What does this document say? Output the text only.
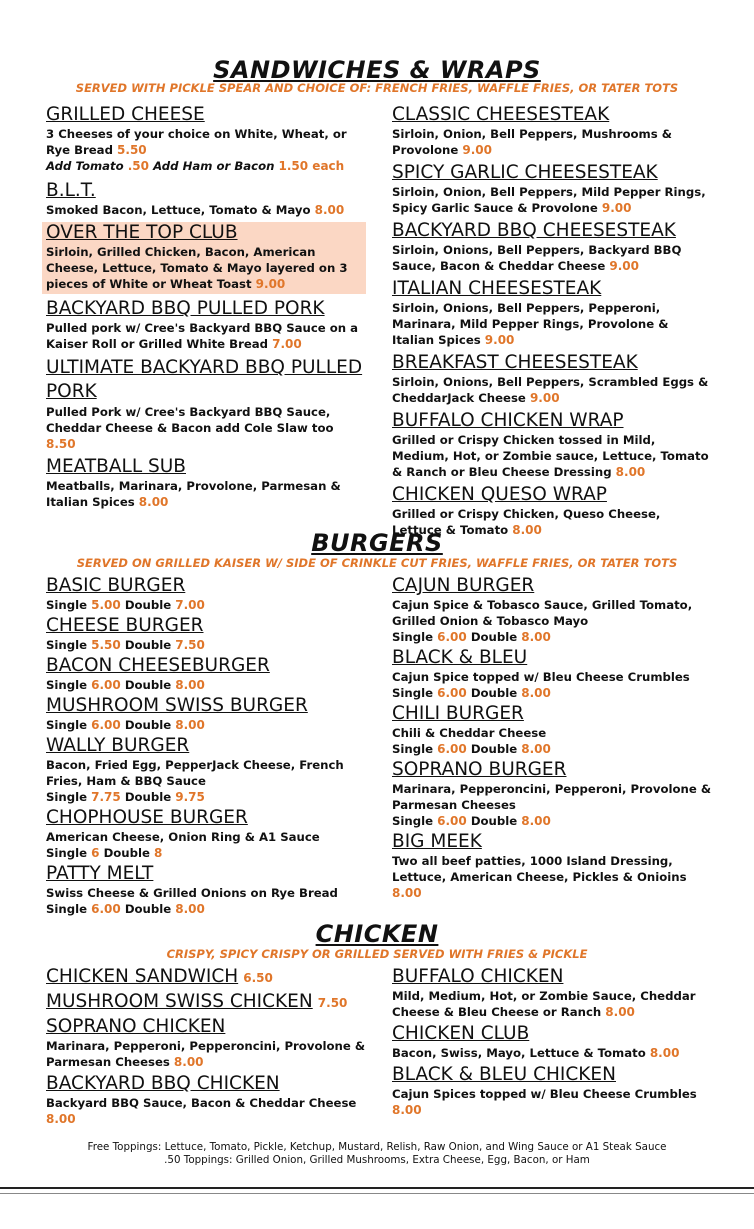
SANDWICHES & WRAPS

SERVED WITH PICKLE SPEAR AND CHOICE OF: FRENCH FRIES, WAFFLE FRIES, OR TATER TOTS

GRILLED CHEESE
3 Cheeses of your choice on White, Wheat, or Rye Bread 5.50
Add Tomato .50 Add Ham or Bacon 1.50 each
B.L.T.
Smoked Bacon, Lettuce, Tomato & Mayo 8.00
OVER THE TOP CLUB
Sirloin, Grilled Chicken, Bacon, American Cheese, Lettuce, Tomato & Mayo layered on 3 pieces of White or Wheat Toast 9.00
BACKYARD BBQ PULLED PORK
Pulled pork w/ Cree's Backyard BBQ Sauce on a Kaiser Roll or Grilled White Bread 7.00
ULTIMATE BACKYARD BBQ PULLED PORK
Pulled Pork w/ Cree's Backyard BBQ Sauce, Cheddar Cheese & Bacon add Cole Slaw too 8.50
MEATBALL SUB
Meatballs, Marinara, Provolone, Parmesan & Italian Spices 8.00
CLASSIC CHEESESTEAK
Sirloin, Onion, Bell Peppers, Mushrooms & Provolone 9.00
SPICY GARLIC CHEESESTEAK
Sirloin, Onion, Bell Peppers, Mild Pepper Rings, Spicy Garlic Sauce & Provolone 9.00
BACKYARD BBQ CHEESESTEAK
Sirloin, Onions, Bell Peppers, Backyard BBQ Sauce, Bacon & Cheddar Cheese 9.00
ITALIAN CHEESESTEAK
Sirloin, Onions, Bell Peppers, Pepperoni, Marinara, Mild Pepper Rings, Provolone & Italian Spices 9.00
BREAKFAST CHEESESTEAK
Sirloin, Onions, Bell Peppers, Scrambled Eggs & CheddarJack Cheese 9.00
BUFFALO CHICKEN WRAP
Grilled or Crispy Chicken tossed in Mild, Medium, Hot, or Zombie sauce, Lettuce, Tomato & Ranch or Bleu Cheese Dressing 8.00
CHICKEN QUESO WRAP
Grilled or Crispy Chicken, Queso Cheese, Lettuce & Tomato 8.00
BURGERS

SERVED ON GRILLED KAISER W/ SIDE OF CRINKLE CUT FRIES, WAFFLE FRIES, OR TATER TOTS

BASIC BURGER
Single 5.00 Double 7.00
CHEESE BURGER
Single 5.50 Double 7.50
BACON CHEESEBURGER
Single 6.00 Double 8.00
MUSHROOM SWISS BURGER
Single 6.00 Double 8.00
WALLY BURGER
Bacon, Fried Egg, PepperJack Cheese, French Fries, Ham & BBQ Sauce
Single 7.75 Double 9.75
CHOPHOUSE BURGER
American Cheese, Onion Ring & A1 Sauce
Single 6 Double 8
PATTY MELT
Swiss Cheese & Grilled Onions on Rye Bread
Single 6.00 Double 8.00
CAJUN BURGER
Cajun Spice & Tobasco Sauce, Grilled Tomato, Grilled Onion & Tobasco Mayo
Single 6.00 Double 8.00
BLACK & BLEU
Cajun Spice topped w/ Bleu Cheese Crumbles
Single 6.00 Double 8.00
CHILI BURGER
Chili & Cheddar Cheese
Single 6.00 Double 8.00
SOPRANO BURGER
Marinara, Pepperoncini, Pepperoni, Provolone & Parmesan Cheeses
Single 6.00 Double 8.00
BIG MEEK
Two all beef patties, 1000 Island Dressing, Lettuce, American Cheese, Pickles & Onioins 8.00
CHICKEN

CRISPY, SPICY CRISPY OR GRILLED SERVED WITH FRIES & PICKLE

CHICKEN SANDWICH 6.50
MUSHROOM SWISS CHICKEN 7.50
SOPRANO CHICKEN
Marinara, Pepperoni, Pepperoncini, Provolone & Parmesan Cheeses 8.00
BACKYARD BBQ CHICKEN
Backyard BBQ Sauce, Bacon & Cheddar Cheese
8.00
BUFFALO CHICKEN
Mild, Medium, Hot, or Zombie Sauce, Cheddar Cheese & Bleu Cheese or Ranch 8.00
CHICKEN CLUB
Bacon, Swiss, Mayo, Lettuce & Tomato 8.00
BLACK & BLEU CHICKEN
Cajun Spices topped w/ Bleu Cheese Crumbles
8.00
Free Toppings: Lettuce, Tomato, Pickle, Ketchup, Mustard, Relish, Raw Onion, and Wing Sauce or A1 Steak Sauce
.50 Toppings: Grilled Onion, Grilled Mushrooms, Extra Cheese, Egg, Bacon, or Ham
